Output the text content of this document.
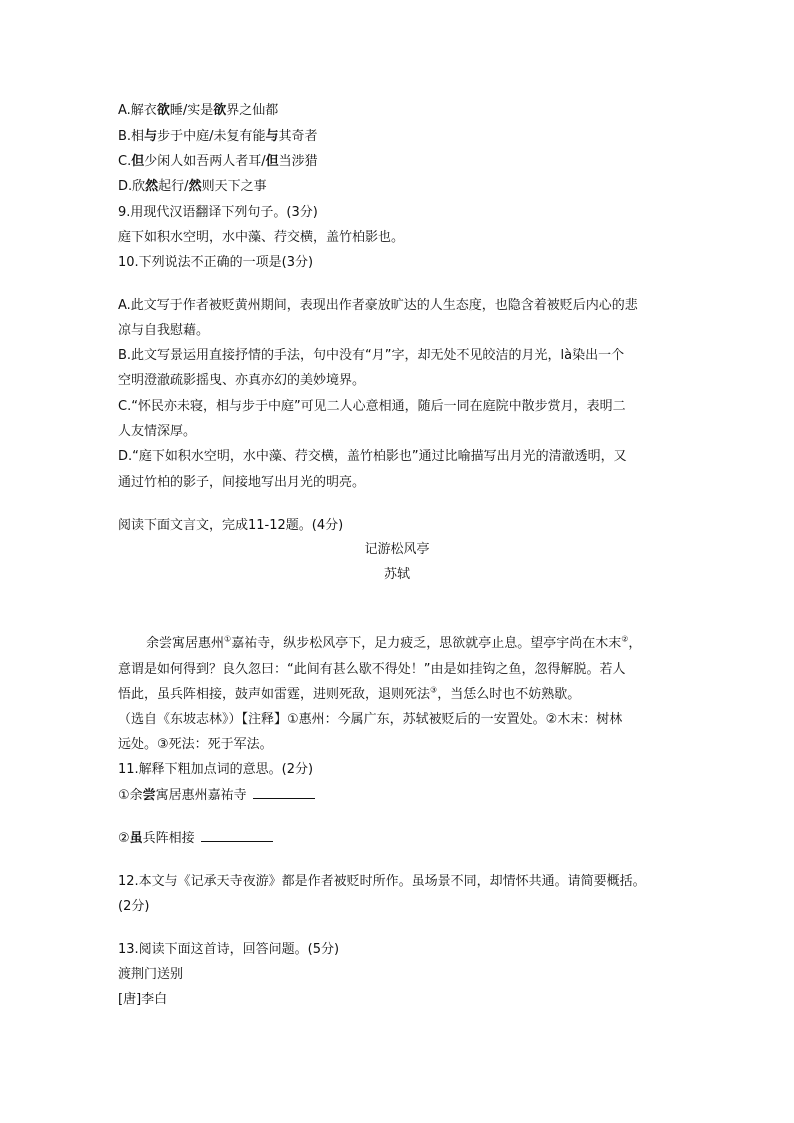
A.解衣欲睡/实是欲界之仙都
B.相与步于中庭/未复有能与其奇者
C.但少闲人如吾两人者耳/但当涉猎
D.欣然起行/然则天下之事
9.用现代汉语翻译下列句子。(3分)
庭下如积水空明，水中藻、荇交横，盖竹柏影也。
10.下列说法不正确的一项是(3分)
A.此文写于作者被贬黄州期间，表现出作者豪放旷达的人生态度，也隐含着被贬后内心的悲
凉与自我慰藉。
B.此文写景运用直接抒情的手法，句中没有“月”字，却无处不见皎洁的月光，là染出一个
空明澄澈疏影摇曳、亦真亦幻的美妙境界。
C.“怀民亦未寝，相与步于中庭”可见二人心意相通，随后一同在庭院中散步赏月，表明二
人友情深厚。
D.“庭下如积水空明，水中藻、荇交横，盖竹柏影也”通过比喻描写出月光的清澈透明，又
通过竹柏的影子，间接地写出月光的明亮。
阅读下面文言文，完成11-12题。(4分)
记游松风亭
苏轼
余尝寓居惠州①嘉祐寺，纵步松风亭下，足力疲乏，思欲就亭止息。望亭宇尚在木末②，
意谓是如何得到？良久忽曰：“此间有甚么歇不得处！”由是如挂钩之鱼，忽得解脱。若人
悟此，虽兵阵相接，鼓声如雷霆，进则死敌，退则死法③，当恁么时也不妨熟歇。
（选自《东坡志林》）【注释】①惠州：今属广东，苏轼被贬后的一安置处。②木末：树林
远处。③死法：死于军法。
11.解释下粗加点词的意思。(2分)
①余尝寓居惠州嘉祐寺
②虽兵阵相接
12.本文与《记承天寺夜游》都是作者被贬时所作。虽场景不同，却情怀共通。请简要概括。
(2分)
13.阅读下面这首诗，回答问题。(5分)
渡荆门送别
[唐]李白
